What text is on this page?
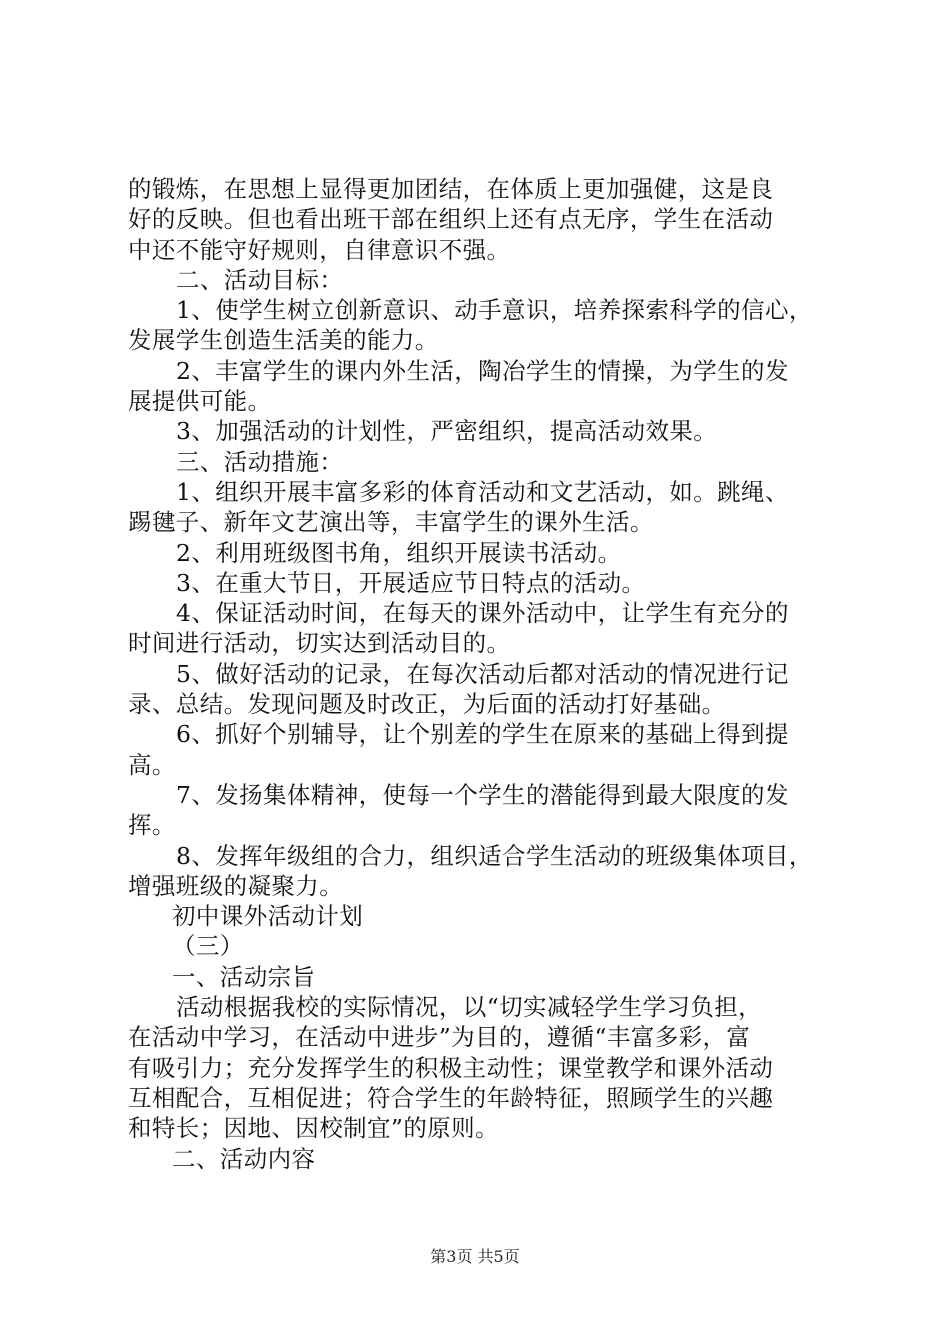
的锻炼，在思想上显得更加团结，在体质上更加强健，这是良
好的反映。但也看出班干部在组织上还有点无序，学生在活动
中还不能守好规则，自律意识不强。
二、活动目标：
1、使学生树立创新意识、动手意识，培养探索科学的信心，
发展学生创造生活美的能力。
2、丰富学生的课内外生活，陶冶学生的情操，为学生的发
展提供可能。
3、加强活动的计划性，严密组织，提高活动效果。
三、活动措施：
1、组织开展丰富多彩的体育活动和文艺活动，如。跳绳、
踢毽子、新年文艺演出等，丰富学生的课外生活。
2、利用班级图书角，组织开展读书活动。
3、在重大节日，开展适应节日特点的活动。
4、保证活动时间，在每天的课外活动中，让学生有充分的
时间进行活动，切实达到活动目的。
5、做好活动的记录，在每次活动后都对活动的情况进行记
录、总结。发现问题及时改正，为后面的活动打好基础。
6、抓好个别辅导，让个别差的学生在原来的基础上得到提
高。
7、发扬集体精神，使每一个学生的潜能得到最大限度的发
挥。
8、发挥年级组的合力，组织适合学生活动的班级集体项目，
增强班级的凝聚力。
初中课外活动计划
（三）
一、活动宗旨
活动根据我校的实际情况，以“切实减轻学生学习负担，
在活动中学习，在活动中进步”为目的，遵循“丰富多彩，富
有吸引力；充分发挥学生的积极主动性；课堂教学和课外活动
互相配合，互相促进；符合学生的年龄特征，照顾学生的兴趣
和特长；因地、因校制宜”的原则。
二、活动内容
第3页 共5页
